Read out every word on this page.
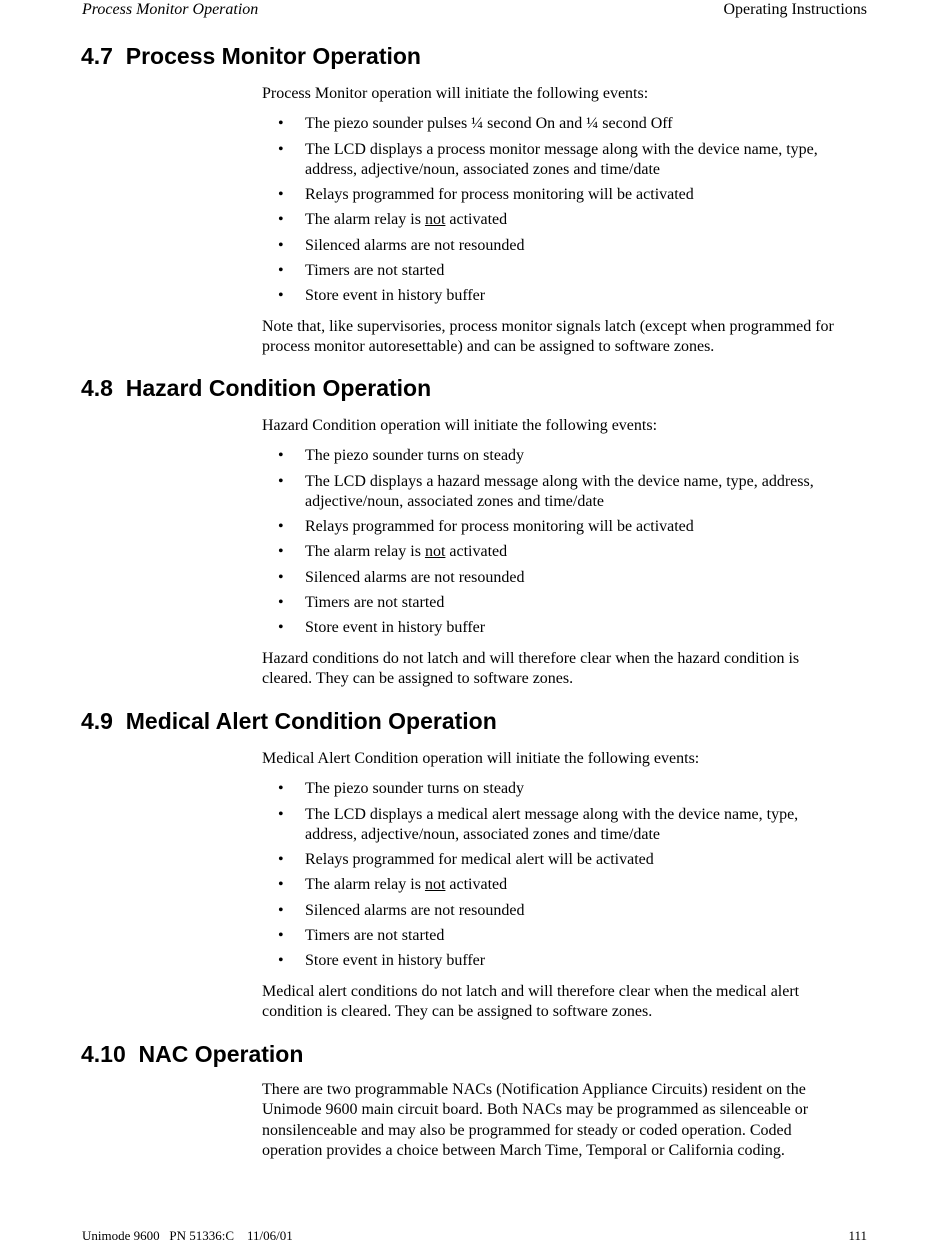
Process Monitor Operation	Operating Instructions
4.7 Process Monitor Operation

Process Monitor operation will initiate the following events:

• The piezo sounder pulses ¼ second On and ¼ second Off
• The LCD displays a process monitor message along with the device name, type,
address, adjective/noun, associated zones and time/date
• Relays programmed for process monitoring will be activated
• The alarm relay is not activated
• Silenced alarms are not resounded
• Timers are not started
• Store event in history buffer

Note that, like supervisories, process monitor signals latch (except when programmed for
process monitor autoresettable) and can be assigned to software zones.

4.8 Hazard Condition Operation

Hazard Condition operation will initiate the following events:

• The piezo sounder turns on steady
• The LCD displays a hazard message along with the device name, type, address,
adjective/noun, associated zones and time/date
• Relays programmed for process monitoring will be activated
• The alarm relay is not activated
• Silenced alarms are not resounded
• Timers are not started
• Store event in history buffer

Hazard conditions do not latch and will therefore clear when the hazard condition is
cleared. They can be assigned to software zones.

4.9 Medical Alert Condition Operation

Medical Alert Condition operation will initiate the following events:

• The piezo sounder turns on steady
• The LCD displays a medical alert message along with the device name, type,
address, adjective/noun, associated zones and time/date
• Relays programmed for medical alert will be activated
• The alarm relay is not activated
• Silenced alarms are not resounded
• Timers are not started
• Store event in history buffer

Medical alert conditions do not latch and will therefore clear when the medical alert
condition is cleared. They can be assigned to software zones.

4.10 NAC Operation

There are two programmable NACs (Notification Appliance Circuits) resident on the
Unimode 9600 main circuit board. Both NACs may be programmed as silenceable or
nonsilenceable and may also be programmed for steady or coded operation. Coded
operation provides a choice between March Time, Temporal or California coding.

Unimode 9600   PN 51336:C    11/06/01	111
